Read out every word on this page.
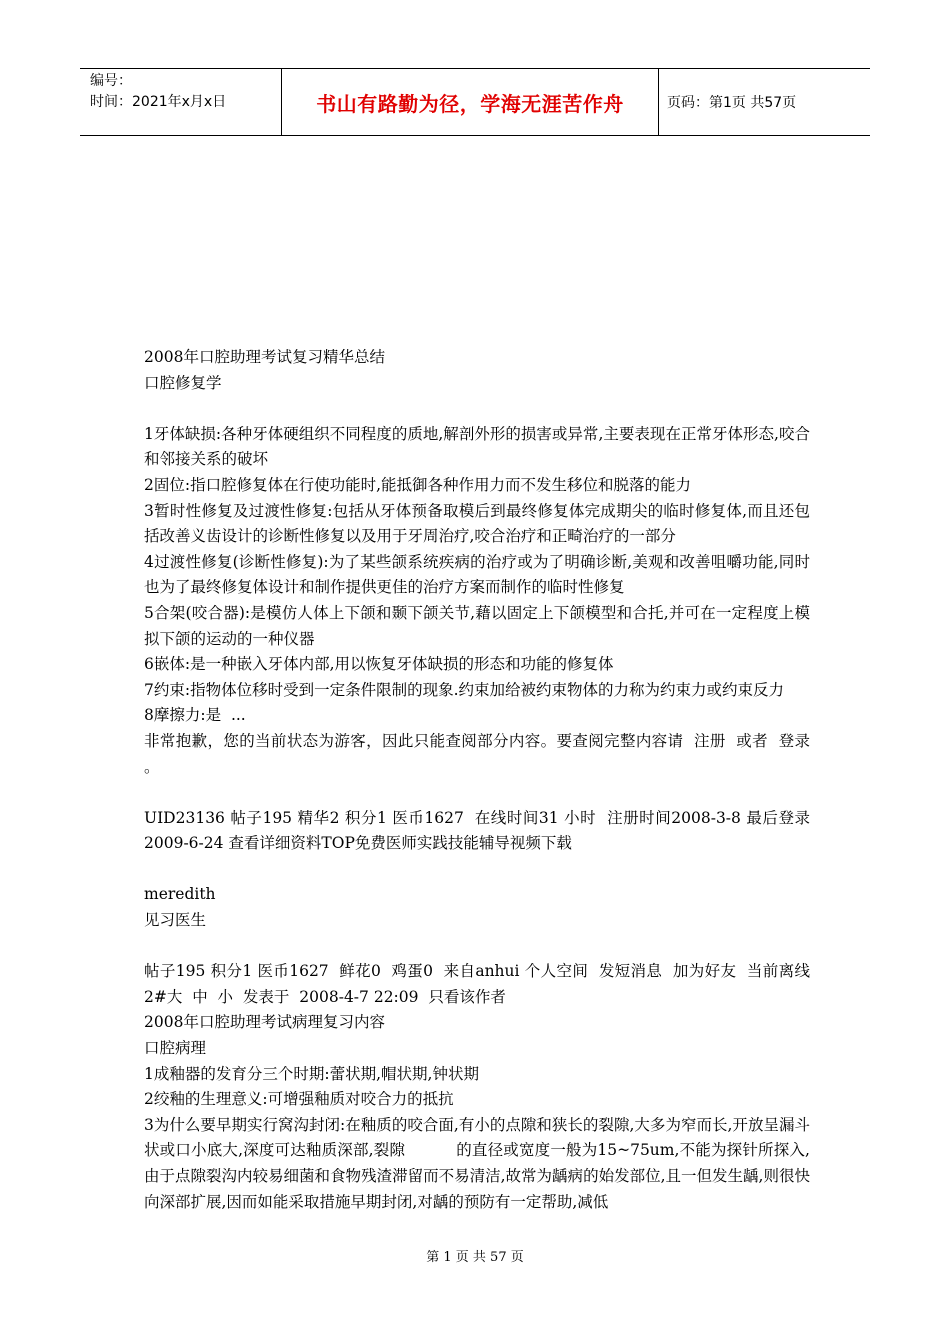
编号：
时间：2021年x月x日	书山有路勤为径，学海无涯苦作舟	页码：第1页 共57页

2008年口腔助理考试复习精华总结

口腔修复学

1牙体缺损:各种牙体硬组织不同程度的质地,解剖外形的损害或异常,主要表现在正常牙体形态,咬合和邻接关系的破坏

2固位:指口腔修复体在行使功能时,能抵御各种作用力而不发生移位和脱落的能力

3暂时性修复及过渡性修复:包括从牙体预备取模后到最终修复体完成期尖的临时修复体,而且还包括改善义齿设计的诊断性修复以及用于牙周治疗,咬合治疗和正畸治疗的一部分

4过渡性修复(诊断性修复):为了某些颌系统疾病的治疗或为了明确诊断,美观和改善咀嚼功能,同时也为了最终修复体设计和制作提供更佳的治疗方案而制作的临时性修复

5合架(咬合器):是模仿人体上下颌和颞下颌关节,藉以固定上下颌模型和合托,并可在一定程度上模拟下颌的运动的一种仪器

6嵌体:是一种嵌入牙体内部,用以恢复牙体缺损的形态和功能的修复体

7约束:指物体位移时受到一定条件限制的现象.约束加给被约束物体的力称为约束力或约束反力

8摩擦力:是  ...

非常抱歉，您的当前状态为游客，因此只能查阅部分内容。要查阅完整内容请  注册  或者  登录  。

UID23136 帖子195 精华2 积分1 医币1627  在线时间31 小时  注册时间2008-3-8 最后登录2009-6-24 查看详细资料TOP免费医师实践技能辅导视频下载

meredith

见习医生

帖子195 积分1 医币1627  鲜花0  鸡蛋0  来自anhui 个人空间  发短消息  加为好友  当前离线  2#大  中  小  发表于  2008-4-7 22:09  只看该作者

2008年口腔助理考试病理复习内容

口腔病理

1成釉器的发育分三个时期:蕾状期,帽状期,钟状期

2绞釉的生理意义:可增强釉质对咬合力的抵抗

3为什么要早期实行窝沟封闭:在釉质的咬合面,有小的点隙和狭长的裂隙,大多为窄而长,开放呈漏斗状或口小底大,深度可达釉质深部,裂隙          的直径或宽度一般为15~75um,不能为探针所探入,由于点隙裂沟内较易细菌和食物残渣滞留而不易清洁,故常为龋病的始发部位,且一但发生龋,则很快向深部扩展,因而如能采取措施早期封闭,对龋的预防有一定帮助,减低

第 1 页 共 57 页
